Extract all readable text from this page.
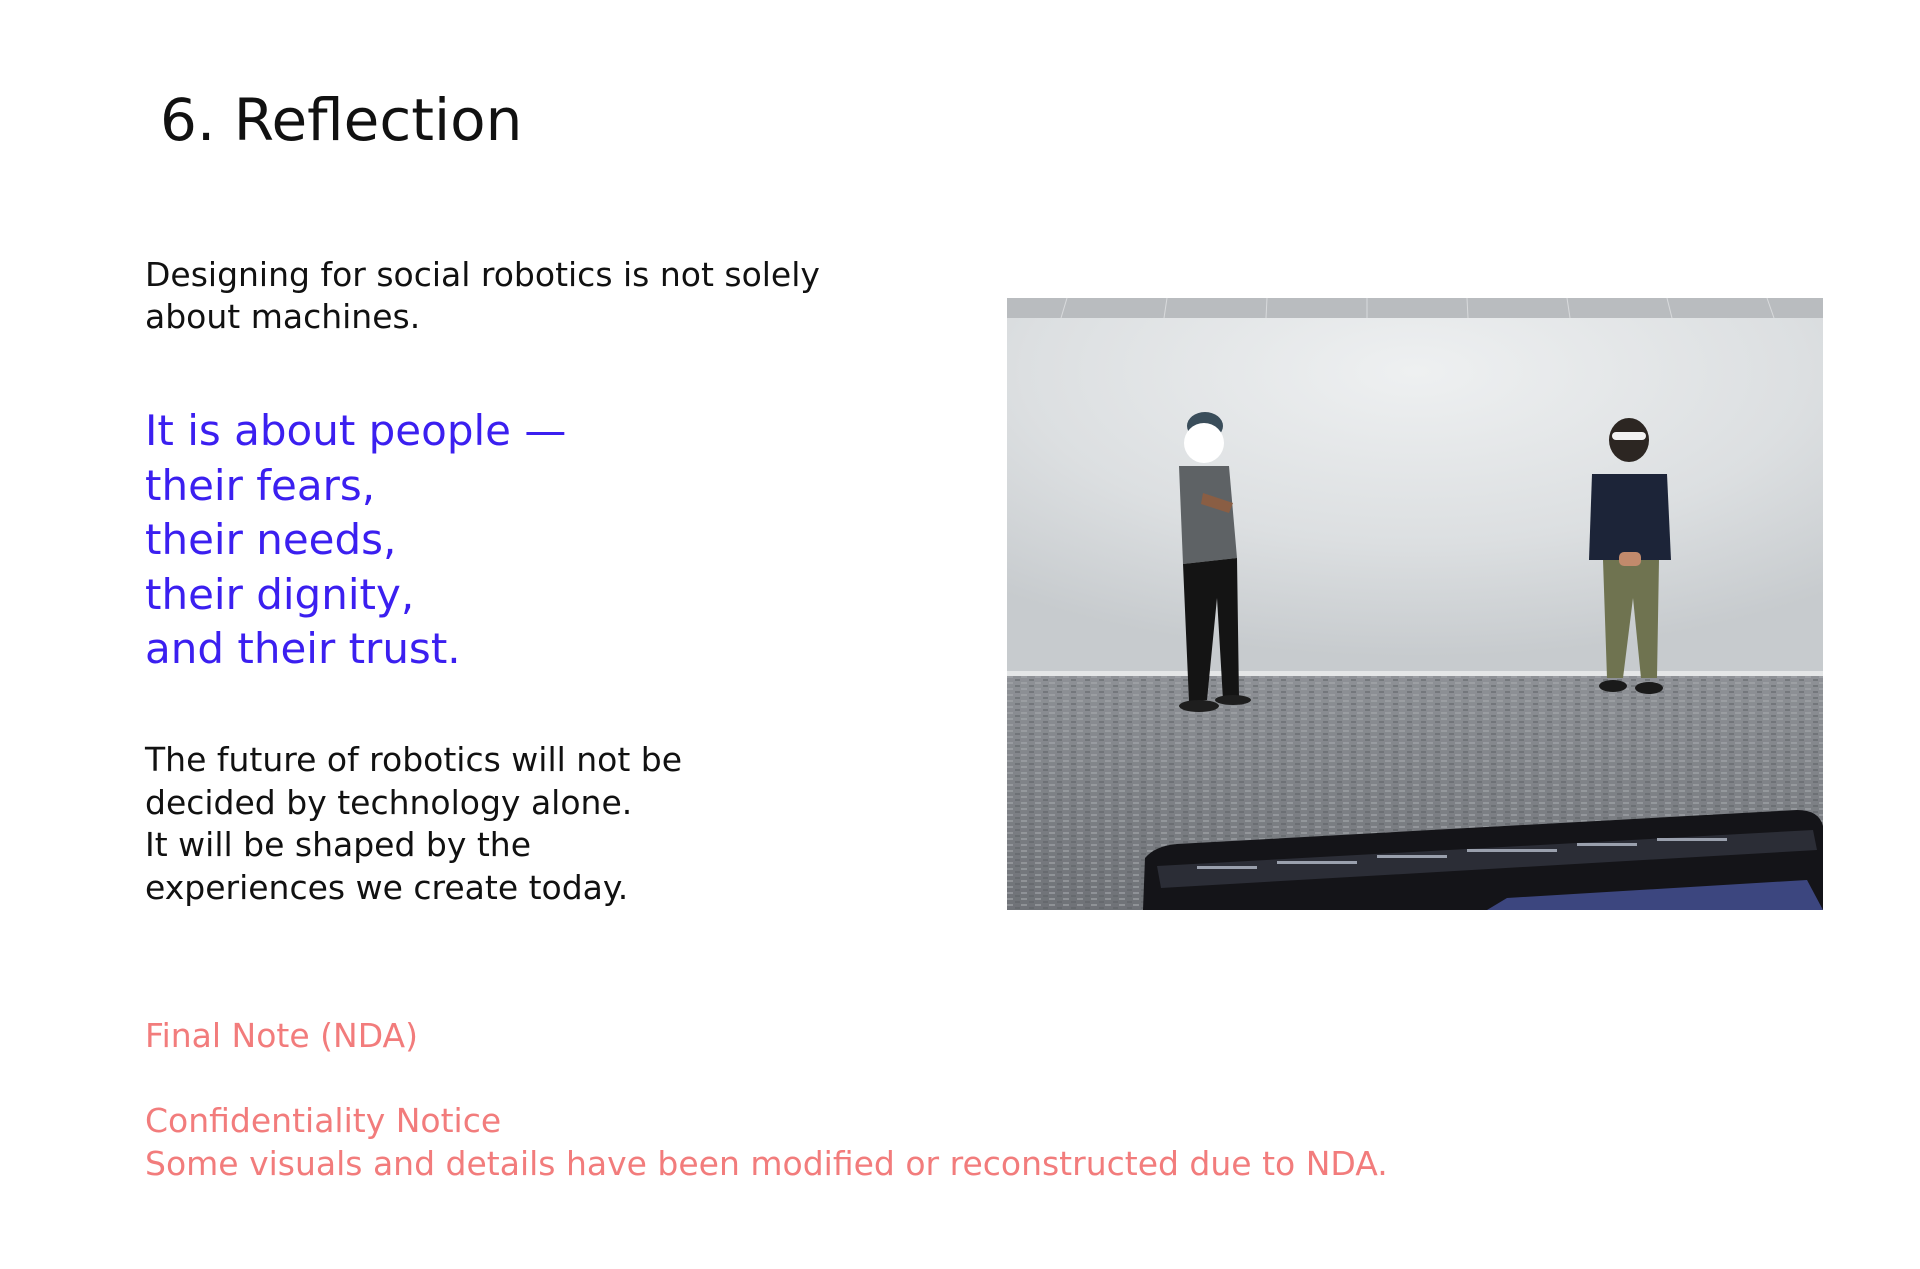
6. Reflection
Designing for social robotics is not solely
about machines.
It is about people —
their fears,
their needs,
their dignity,
and their trust.
The future of robotics will not be
decided by technology alone.
It will be shaped by the
experiences we create today.
Final Note (NDA)
Confidentiality Notice
Some visuals and details have been modified or reconstructed due to NDA.
